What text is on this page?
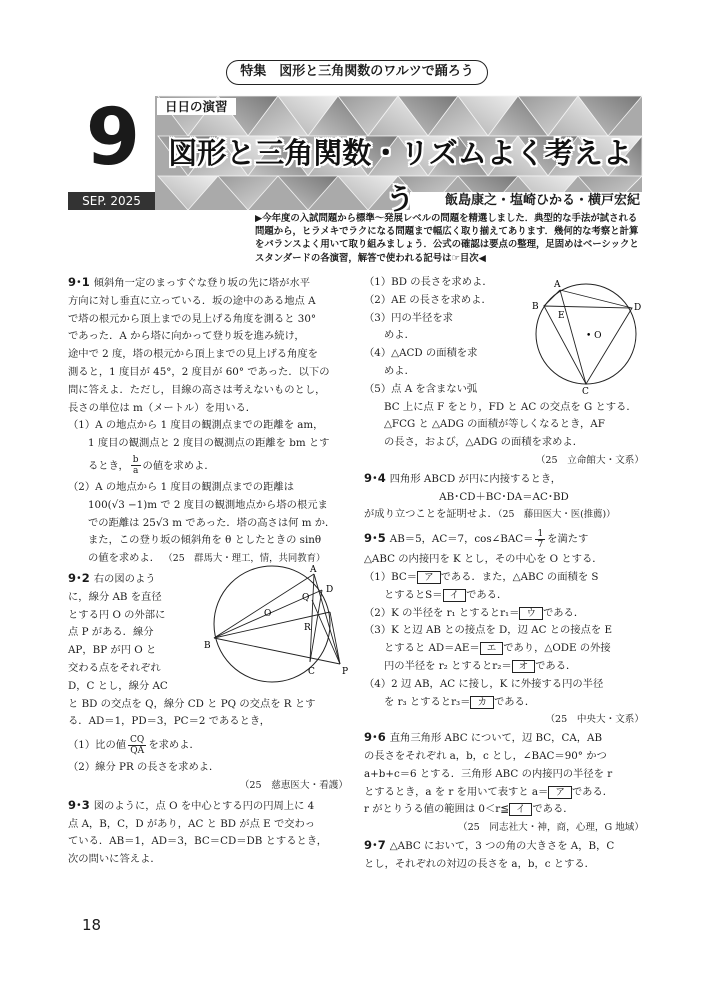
特集　図形と三角関数のワルツで踊ろう
9
SEP. 2025
日日の演習
図形と三角関数・リズムよく考えよう	飯島康之・塩崎ひかる・横戸宏紀
▶今年度の入試問題から標準～発展レベルの問題を精選しました．典型的な手法が試される問題から，ヒラメキでラクになる問題まで幅広く取り揃えてあります．幾何的な考察と計算をバランスよく用いて取り組みましょう．公式の確認は要点の整理，足固めはベーシックとスタンダードの各演習，解答で使われる記号は☞目次◀

9･1 傾斜角一定のまっすぐな登り坂の先に塔が水平

方向に対し垂直に立っている．坂の途中のある地点 A

で塔の根元から頂上までの見上げる角度を測ると 30°

であった．A から塔に向かって登り坂を進み続け，

途中で 2 度，塔の根元から頂上までの見上げる角度を

測ると，1 度目が 45°，2 度目が 60° であった．以下の

問に答えよ．ただし，目線の高さは考えないものとし，

長さの単位は m（メートル）を用いる．

（1）A の地点から 1 度目の観測点までの距離を am，

1 度目の観測点と 2 度目の観測点の距離を bm とす

るとき， $\frac{b}{a}$ の値を求めよ．

（2）A の地点から 1 度目の観測点までの距離は

100(√3 −1)m で 2 度目の観測地点から塔の根元ま

での距離は 25√3 m であった．塔の高さは何 m か．

また，この登り坂の傾斜角を θ としたときの sinθ

の値を求めよ． （25　群馬大・理工，情，共同教育）

9･2 右の図のよう

に，線分 AB を直径

とする円 O の外部に

点 P がある．線分

AP，BP が円 O と

交わる点をそれぞれ

D，C とし，線分 AC

と BD の交点を Q，線分 CD と PQ の交点を R とす

る．AD＝1，PD＝3，PC＝2 であるとき，

（1）比の値 $\frac{CQ}{QA}$ を求めよ．

（2）線分 PR の長さを求めよ．

（25　慈恵医大・看護）

A
B
C
D
O
P
Q
R

9･3 図のように，点 O を中心とする円の円周上に 4

点 A，B，C，D があり，AC と BD が点 E で交わっ

ている．AB＝1，AD＝3，BC＝CD＝DB とするとき，

次の問いに答えよ．

（1）BD の長さを求めよ．

（2）AE の長さを求めよ．

（3）円の半径を求

めよ．

（4）△ACD の面積を求

めよ．

（5）点 A を含まない弧

BC 上に点 F をとり，FD と AC の交点を G とする．

△FCG と △ADG の面積が等しくなるとき，AF

の長さ，および，△ADG の面積を求めよ．

（25　立命館大・文系）

A
B
C
D
E
• O

9･4 四角形 ABCD が円に内接するとき，

AB･CD＋BC･DA＝AC･BD

が成り立つことを証明せよ．（25　藤田医大・医(推薦)）

9･5 AB＝5，AC＝7，cos∠BAC＝ $\frac{1}{7}$ を満たす

△ABC の内接円を K とし，その中心を O とする．

（1）BC＝ ア である．また，△ABC の面積を S

とするとS＝ イ である．

（2）K の半径を r₁ とするとr₁＝ ウ である．

（3）K と辺 AB との接点を D，辺 AC との接点を E

とすると AD＝AE＝ エ であり，△ODE の外接

円の半径を r₂ とするとr₂＝ オ である．

（4）2 辺 AB，AC に接し，K に外接する円の半径

を r₃ とするとr₃＝ カ である．

（25　中央大・文系）

9･6 直角三角形 ABC について，辺 BC，CA，AB

の長さをそれぞれ a，b，c とし，∠BAC＝90° かつ

a+b+c＝6 とする．三角形 ABC の内接円の半径を r

とするとき，a を r を用いて表すと a＝ ア である．

r がとりうる値の範囲は 0＜r≦ イ である．

（25　同志社大・神，商，心理，G 地域）

9･7 △ABC において，3 つの角の大きさを A，B，C

とし，それぞれの対辺の長さを a，b，c とする．

18
